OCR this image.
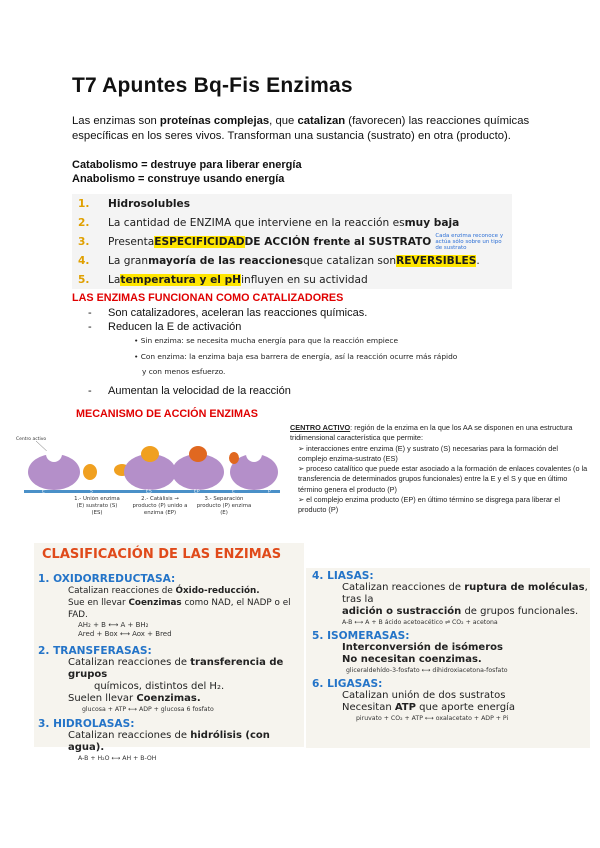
T7 Apuntes Bq-Fis Enzimas
Las enzimas son proteínas complejas, que catalizan (favorecen) las reacciones químicas específicas en los seres vivos. Transforman una sustancia (sustrato) en otra (producto).
Catabolismo = destruye para liberar energía
Anabolismo = construye usando energía
1.	Hidrosolubles
2.	La cantidad de ENZIMA que interviene en la reacción es muy baja
3.	Presenta ESPECIFICIDAD DE ACCIÓN frente al SUSTRATO Cada enzima reconoce y actúa sólo sobre un tipo de sustrato
4.	La gran mayoría de las reacciones que catalizan son REVERSIBLES .
5.	La temperatura y el pH influyen en su actividad
LAS ENZIMAS FUNCIONAN COMO CATALIZADORES
- Son catalizadores, aceleran las reacciones químicas.
- Reducen la E de activación
• Sin enzima: se necesita mucha energía para que la reacción empiece
• Con enzima: la enzima baja esa barrera de energía, así la reacción ocurre más rápido
y con menos esfuerzo.
- Aumentan la velocidad de la reacción
MECANISMO DE ACCIÓN ENZIMAS
Centro activo
E	S	ES	EP	E	P
1.- Unión enzima (E) sustrato (S) (ES)
2.- Catálisis → producto (P) unido a enzima (EP)
3.- Separación producto (P) enzima (E)
CENTRO ACTIVO: región de la enzima en la que los AA se disponen en una estructura tridimensional característica que permite:
➢ interacciones entre enzima (E) y sustrato (S) necesarias para la formación del complejo enzima-sustrato (ES)
➢ proceso catalítico que puede estar asociado a la formación de enlaces covalentes (o la transferencia de determinados grupos funcionales) entre la E y el S y que en último término genera el producto (P)
➢ el complejo enzima producto (EP) en último término se disgrega para liberar el producto (P)
CLASIFICACIÓN DE LAS ENZIMAS
1. OXIDORREDUCTASA:
Catalizan reacciones de Óxido-reducción.
Sue en llevar Coenzimas como NAD, el NADP o el FAD.
AH₂ + B ⟷ A + BH₂
Ared + Box ⟷ Aox + Bred
2. TRANSFERASAS:
Catalizan reacciones de transferencia de grupos
químicos, distintos del H₂.
Suelen llevar Coenzimas.
glucosa + ATP ⟷ ADP + glucosa 6 fosfato
3. HIDROLASAS:
Catalizan reacciones de hidrólisis (con agua).
A-B + H₂O ⟷ AH + B-OH
4. LIASAS:
Catalizan reacciones de ruptura de moléculas, tras la
adición o sustracción de grupos funcionales.
A-B ⟷ A + B ácido acetoacético ⇌ CO₂ + acetona
5. ISOMERASAS:
Interconversión de isómeros
No necesitan coenzimas.
gliceraldehído-3-fosfato ⟷ dihidroxiacetona-fosfato
6. LIGASAS:
Catalizan unión de dos sustratos
Necesitan ATP que aporte energía
piruvato + CO₂ + ATP ⟷ oxalacetato + ADP + Pi
